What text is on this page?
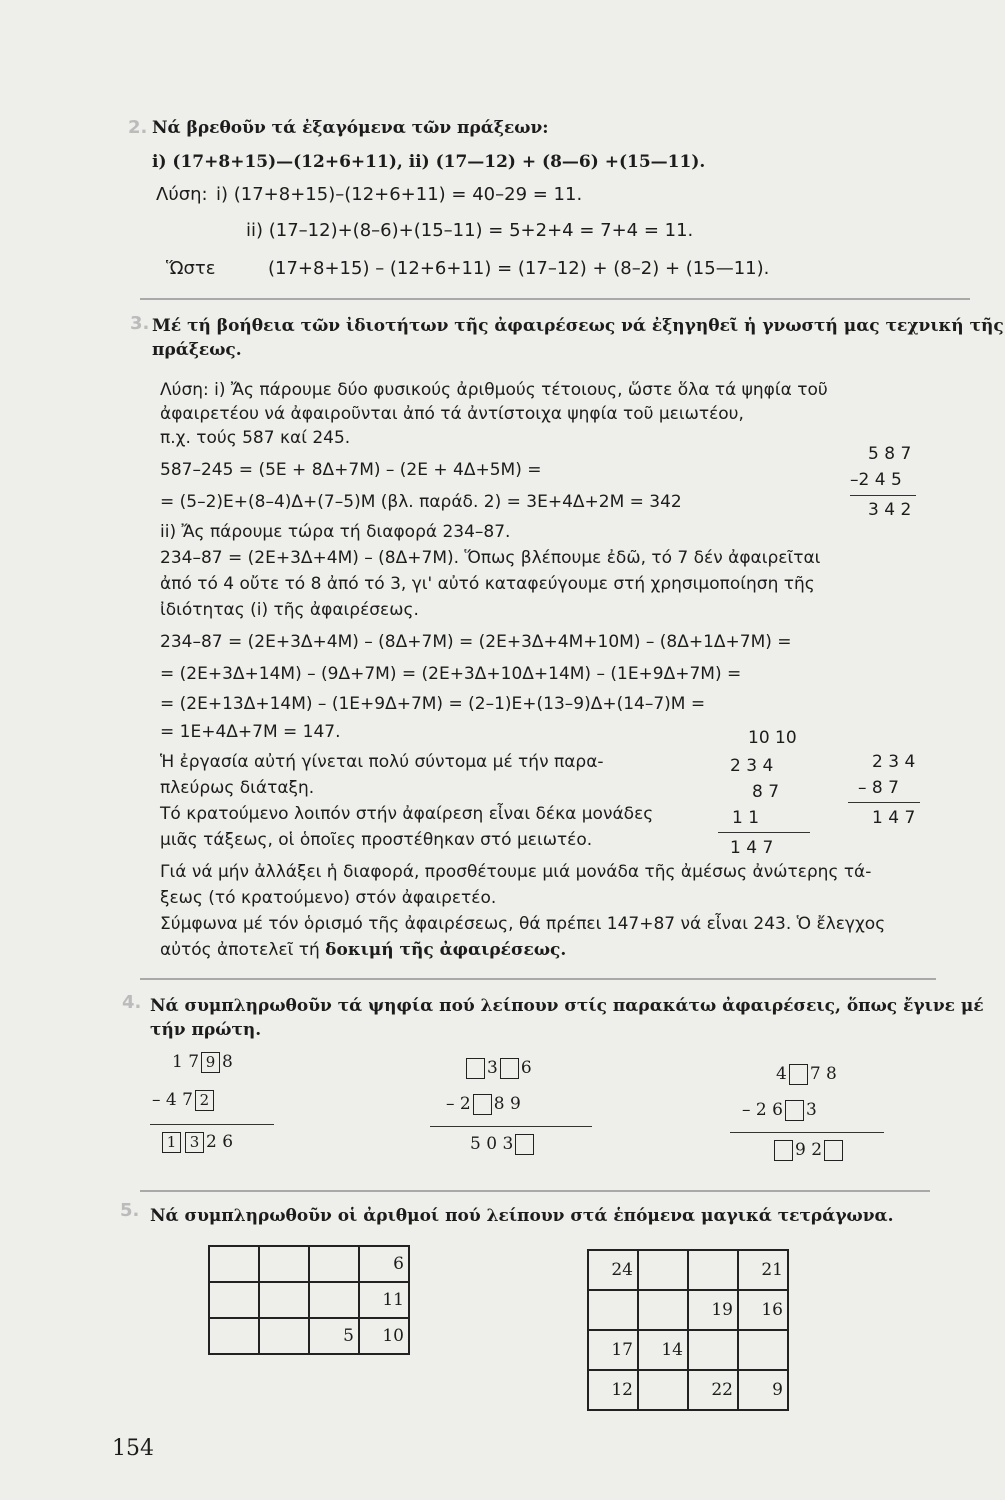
2. Νά βρεθοῦν τά ἐξαγόμενα τῶν πράξεων:
i) (17+8+15)—(12+6+11), ii) (17—12) + (8—6) +(15—11).
Λύση: i) (17+8+15)–(12+6+11) = 40–29 = 11.
ii) (17–12)+(8–6)+(15–11) = 5+2+4 = 7+4 = 11.
Ὥστε	(17+8+15) – (12+6+11) = (17–12) + (8–2) + (15—11).
3. Μέ τή βοήθεια τῶν ἰδιοτήτων τῆς ἀφαιρέσεως νά ἐξηγηθεῖ ἡ γνωστή μας τεχνική τῆς
πράξεως.
Λύση: i) Ἄς πάρουμε δύο φυσικούς ἀριθμούς τέτοιους, ὥστε ὅλα τά ψηφία τοῦ
ἀφαιρετέου νά ἀφαιροῦνται ἀπό τά ἀντίστοιχα ψηφία τοῦ μειωτέου,
π.χ. τούς 587 καί 245.
587–245 = (5Ε + 8Δ+7Μ) – (2Ε + 4Δ+5Μ) =
= (5–2)Ε+(8–4)Δ+(7–5)Μ (βλ. παράδ. 2) = 3Ε+4Δ+2Μ = 342
5 8 7
–2 4 5
3 4 2
ii) Ἄς πάρουμε τώρα τή διαφορά 234–87.
234–87 = (2Ε+3Δ+4Μ) – (8Δ+7Μ). Ὅπως βλέπουμε ἐδῶ, τό 7 δέν ἀφαιρεῖται
ἀπό τό 4 οὔτε τό 8 ἀπό τό 3, γι' αὐτό καταφεύγουμε στή χρησιμοποίηση τῆς
ἰδιότητας (i) τῆς ἀφαιρέσεως.
234–87 = (2Ε+3Δ+4Μ) – (8Δ+7Μ) = (2Ε+3Δ+4Μ+10Μ) – (8Δ+1Δ+7Μ) =
= (2Ε+3Δ+14Μ) – (9Δ+7Μ) = (2Ε+3Δ+10Δ+14Μ) – (1Ε+9Δ+7Μ) =
= (2Ε+13Δ+14Μ) – (1Ε+9Δ+7Μ) = (2–1)Ε+(13–9)Δ+(14–7)Μ =
= 1Ε+4Δ+7Μ = 147.
Ἡ ἐργασία αὐτή γίνεται πολύ σύντομα μέ τήν παρα-
πλεύρως διάταξη.
Τό κρατούμενο λοιπόν στήν ἀφαίρεση εἶναι δέκα μονάδες
μιᾶς τάξεως, οἱ ὁποῖες προστέθηκαν στό μειωτέο.
10 10
2 3 4
8 7
1 1
1 4 7
2 3 4
– 8 7
1 4 7
Γιά νά μήν ἀλλάξει ἡ διαφορά, προσθέτουμε μιά μονάδα τῆς ἀμέσως ἀνώτερης τά-
ξεως (τό κρατούμενο) στόν ἀφαιρετέο.
Σύμφωνα μέ τόν ὁρισμό τῆς ἀφαιρέσεως, θά πρέπει 147+87 νά εἶναι 243. Ὁ ἔλεγχος
αὐτός ἀποτελεῖ τή δοκιμή τῆς ἀφαιρέσεως.
4. Νά συμπληρωθοῦν τά ψηφία πού λείπουν στίς παρακάτω ἀφαιρέσεις, ὅπως ἔγινε μέ
τήν πρώτη.
1 7 9 8
– 4 7 2
1 3 2 6
3 6
– 2 8 9
5 0 3
4 7 8
– 2 6 3
9 2
5. Νά συμπληρωθοῦν οἱ ἀριθμοί πού λείπουν στά ἑπόμενα μαγικά τετράγωνα.
			6
			11
		5	10
24			21
		19	16
17	14		
12		22	9
154
